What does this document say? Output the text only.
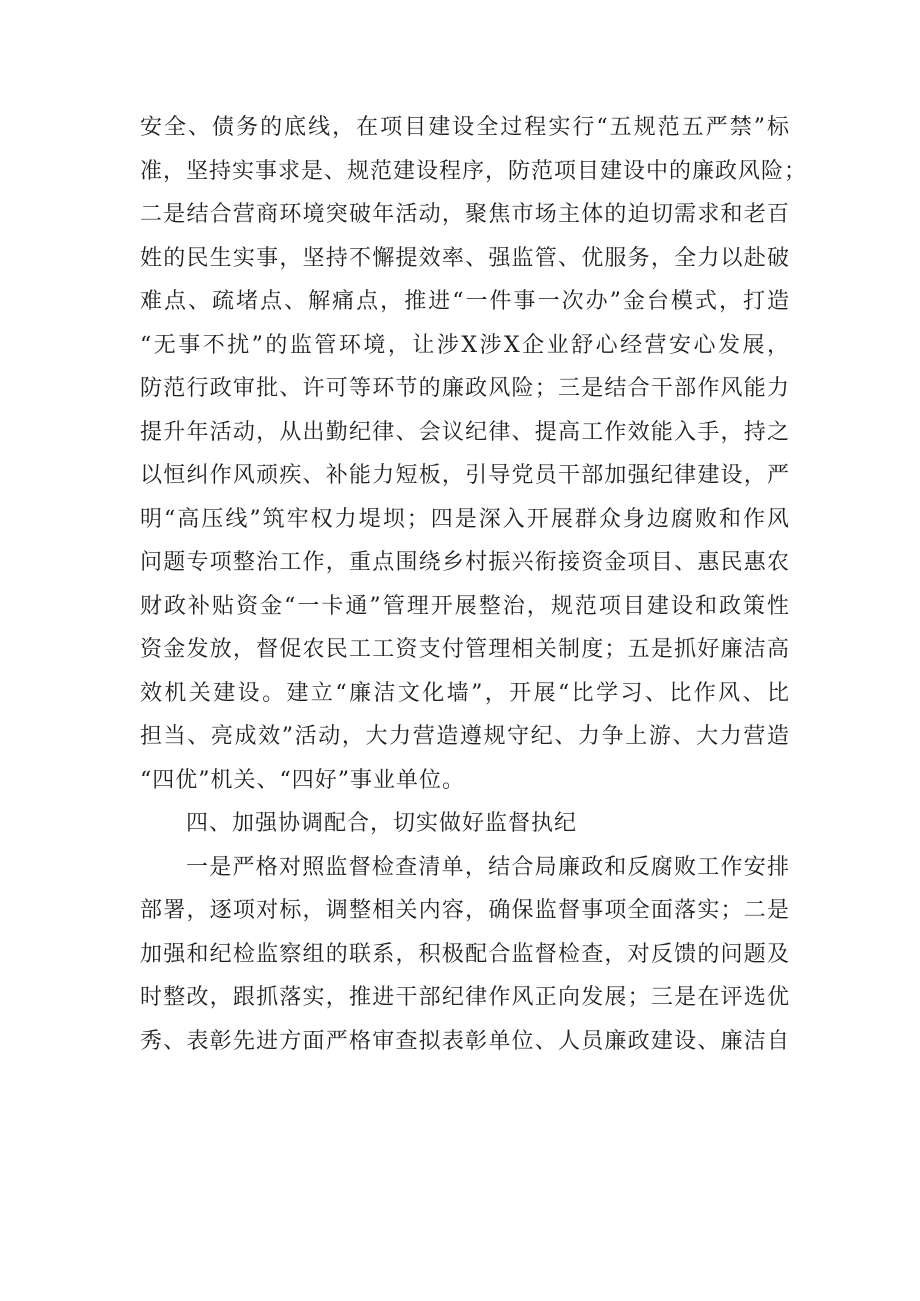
安全、债务的底线，在项目建设全过程实行“五规范五严禁”标
准，坚持实事求是、规范建设程序，防范项目建设中的廉政风险；
二是结合营商环境突破年活动，聚焦市场主体的迫切需求和老百
姓的民生实事，坚持不懈提效率、强监管、优服务，全力以赴破
难点、疏堵点、解痛点，推进“一件事一次办”金台模式，打造
“无事不扰”的监管环境，让涉X涉X企业舒心经营安心发展，
防范行政审批、许可等环节的廉政风险；三是结合干部作风能力
提升年活动，从出勤纪律、会议纪律、提高工作效能入手，持之
以恒纠作风顽疾、补能力短板，引导党员干部加强纪律建设，严
明“高压线”筑牢权力堤坝；四是深入开展群众身边腐败和作风
问题专项整治工作，重点围绕乡村振兴衔接资金项目、惠民惠农
财政补贴资金“一卡通”管理开展整治，规范项目建设和政策性
资金发放，督促农民工工资支付管理相关制度；五是抓好廉洁高
效机关建设。建立“廉洁文化墙”，开展“比学习、比作风、比
担当、亮成效”活动，大力营造遵规守纪、力争上游、大力营造
“四优”机关、“四好”事业单位。
四、加强协调配合，切实做好监督执纪
一是严格对照监督检查清单，结合局廉政和反腐败工作安排
部署，逐项对标，调整相关内容，确保监督事项全面落实；二是
加强和纪检监察组的联系，积极配合监督检查，对反馈的问题及
时整改，跟抓落实，推进干部纪律作风正向发展；三是在评选优
秀、表彰先进方面严格审查拟表彰单位、人员廉政建设、廉洁自
